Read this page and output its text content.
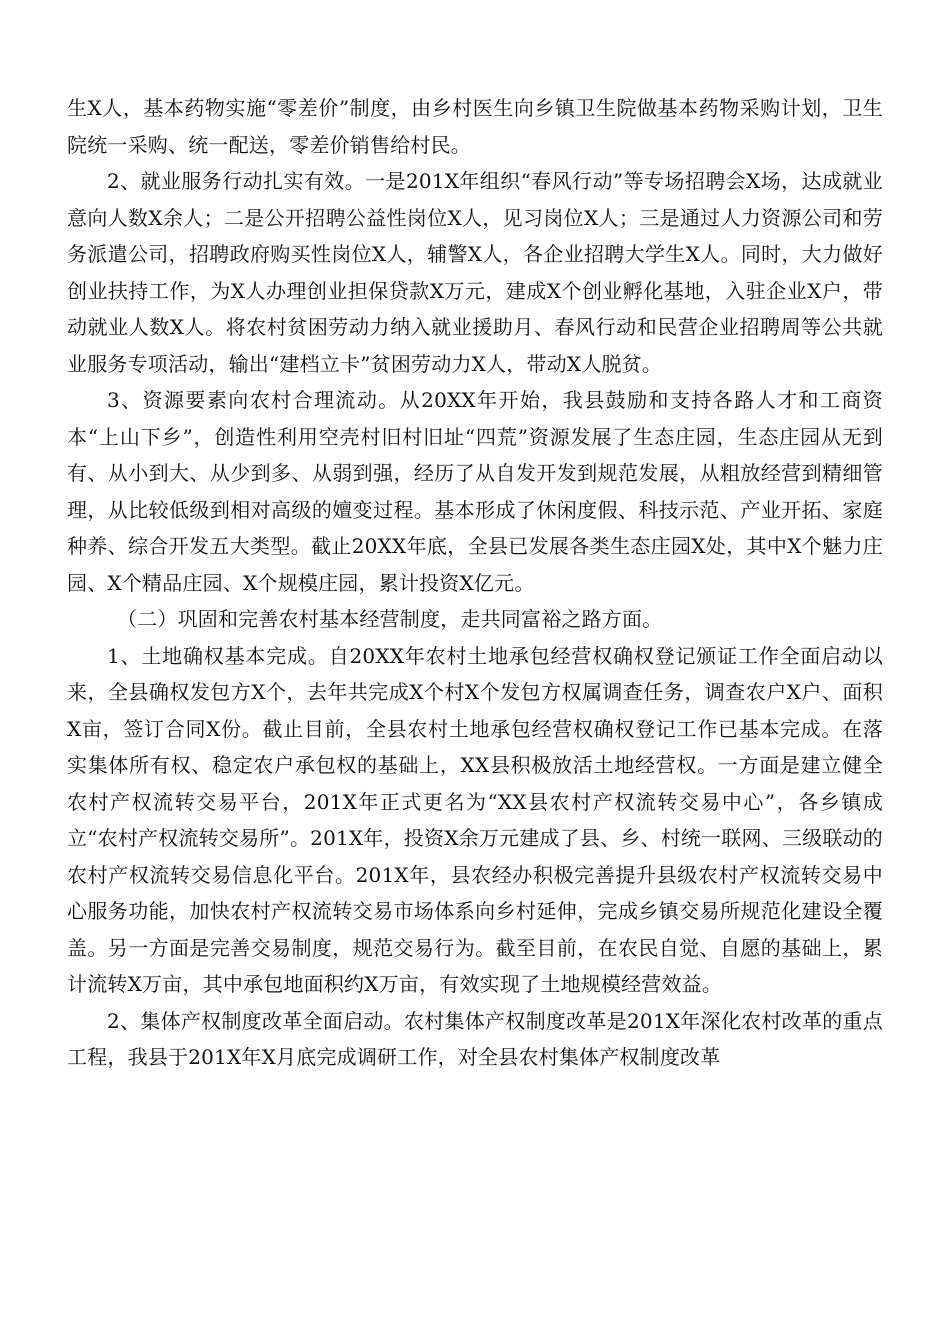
生X人，基本药物实施“零差价”制度，由乡村医生向乡镇卫生院做基本药物采购计划，卫生院统一采购、统一配送，零差价销售给村民。

2、就业服务行动扎实有效。一是201X年组织“春风行动”等专场招聘会X场，达成就业意向人数X余人；二是公开招聘公益性岗位X人，见习岗位X人；三是通过人力资源公司和劳务派遣公司，招聘政府购买性岗位X人，辅警X人，各企业招聘大学生X人。同时，大力做好创业扶持工作，为X人办理创业担保贷款X万元，建成X个创业孵化基地，入驻企业X户，带动就业人数X人。将农村贫困劳动力纳入就业援助月、春风行动和民营企业招聘周等公共就业服务专项活动，输出“建档立卡”贫困劳动力X人，带动X人脱贫。

3、资源要素向农村合理流动。从20XX年开始，我县鼓励和支持各路人才和工商资本“上山下乡”，创造性利用空壳村旧村旧址“四荒”资源发展了生态庄园，生态庄园从无到有、从小到大、从少到多、从弱到强，经历了从自发开发到规范发展，从粗放经营到精细管理，从比较低级到相对高级的嬗变过程。基本形成了休闲度假、科技示范、产业开拓、家庭种养、综合开发五大类型。截止20XX年底，全县已发展各类生态庄园X处，其中X个魅力庄园、X个精品庄园、X个规模庄园，累计投资X亿元。

（二）巩固和完善农村基本经营制度，走共同富裕之路方面。

1、土地确权基本完成。自20XX年农村土地承包经营权确权登记颁证工作全面启动以来，全县确权发包方X个，去年共完成X个村X个发包方权属调查任务，调查农户X户、面积X亩，签订合同X份。截止目前，全县农村土地承包经营权确权登记工作已基本完成。在落实集体所有权、稳定农户承包权的基础上，XX县积极放活土地经营权。一方面是建立健全农村产权流转交易平台，201X年正式更名为“XX县农村产权流转交易中心”，各乡镇成立“农村产权流转交易所”。201X年，投资X余万元建成了县、乡、村统一联网、三级联动的农村产权流转交易信息化平台。201X年，县农经办积极完善提升县级农村产权流转交易中心服务功能，加快农村产权流转交易市场体系向乡村延伸，完成乡镇交易所规范化建设全覆盖。另一方面是完善交易制度，规范交易行为。截至目前，在农民自觉、自愿的基础上，累计流转X万亩，其中承包地面积约X万亩，有效实现了土地规模经营效益。

2、集体产权制度改革全面启动。农村集体产权制度改革是201X年深化农村改革的重点工程，我县于201X年X月底完成调研工作，对全县农村集体产权制度改革
